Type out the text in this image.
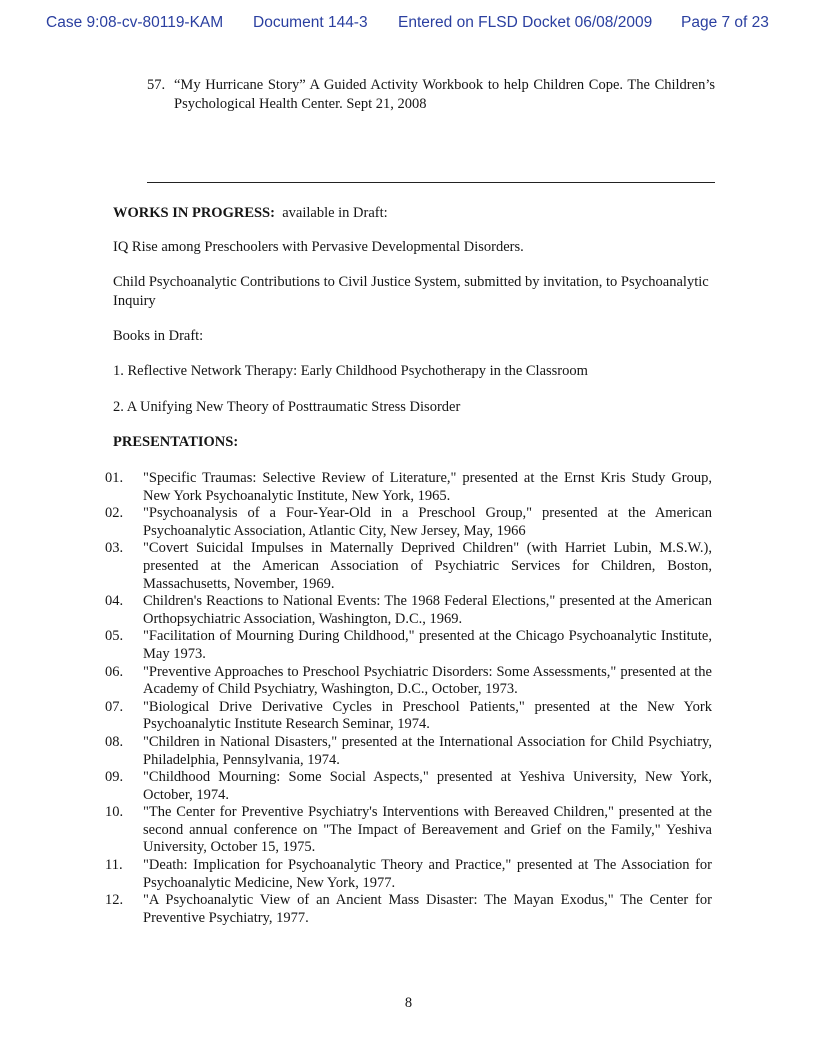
Case 9:08-cv-80119-KAM Document 144-3 Entered on FLSD Docket 06/08/2009 Page 7 of 23
57. “My Hurricane Story” A Guided Activity Workbook to help Children Cope. The Children’s Psychological Health Center. Sept 21, 2008
WORKS IN PROGRESS: available in Draft:
IQ Rise among Preschoolers with Pervasive Developmental Disorders.
Child Psychoanalytic Contributions to Civil Justice System, submitted by invitation, to Psychoanalytic Inquiry
Books in Draft:
1. Reflective Network Therapy: Early Childhood Psychotherapy in the Classroom
2. A Unifying New Theory of Posttraumatic Stress Disorder
PRESENTATIONS:
01. "Specific Traumas: Selective Review of Literature," presented at the Ernst Kris Study Group, New York Psychoanalytic Institute, New York, 1965.
02. "Psychoanalysis of a Four-Year-Old in a Preschool Group," presented at the American Psychoanalytic Association, Atlantic City, New Jersey, May, 1966
03. "Covert Suicidal Impulses in Maternally Deprived Children" (with Harriet Lubin, M.S.W.), presented at the American Association of Psychiatric Services for Children, Boston, Massachusetts, November, 1969.
04. Children's Reactions to National Events: The 1968 Federal Elections," presented at the American Orthopsychiatric Association, Washington, D.C., 1969.
05. "Facilitation of Mourning During Childhood," presented at the Chicago Psychoanalytic Institute, May 1973.
06. "Preventive Approaches to Preschool Psychiatric Disorders: Some Assessments," presented at the Academy of Child Psychiatry, Washington, D.C., October, 1973.
07. "Biological Drive Derivative Cycles in Preschool Patients," presented at the New York Psychoanalytic Institute Research Seminar, 1974.
08. "Children in National Disasters," presented at the International Association for Child Psychiatry, Philadelphia, Pennsylvania, 1974.
09. "Childhood Mourning: Some Social Aspects," presented at Yeshiva University, New York, October, 1974.
10. "The Center for Preventive Psychiatry's Interventions with Bereaved Children," presented at the second annual conference on "The Impact of Bereavement and Grief on the Family," Yeshiva University, October 15, 1975.
11. "Death: Implication for Psychoanalytic Theory and Practice," presented at The Association for Psychoanalytic Medicine, New York, 1977.
12. "A Psychoanalytic View of an Ancient Mass Disaster: The Mayan Exodus," The Center for Preventive Psychiatry, 1977.
8
